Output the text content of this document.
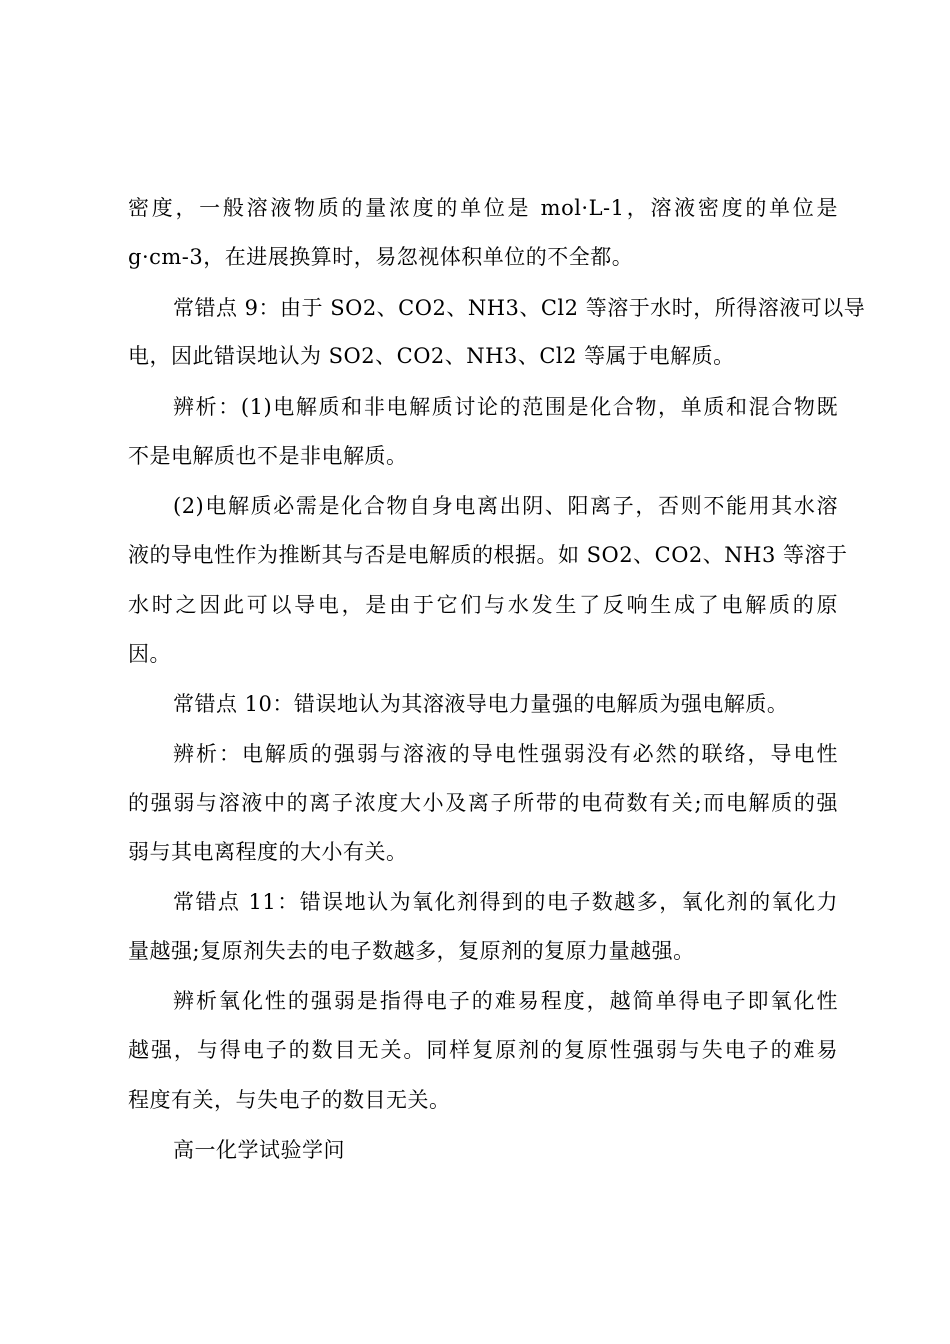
密度，一般溶液物质的量浓度的单位是 mol·L-1，溶液密度的单位是
g·cm-3，在进展换算时，易忽视体积单位的不全都。
常错点 9：由于 SO2、CO2、NH3、Cl2 等溶于水时，所得溶液可以导
电，因此错误地认为 SO2、CO2、NH3、Cl2 等属于电解质。
辨析：(1)电解质和非电解质讨论的范围是化合物，单质和混合物既
不是电解质也不是非电解质。
(2)电解质必需是化合物自身电离出阴、阳离子，否则不能用其水溶
液的导电性作为推断其与否是电解质的根据。如 SO2、CO2、NH3 等溶于
水时之因此可以导电，是由于它们与水发生了反响生成了电解质的原
因。
常错点 10：错误地认为其溶液导电力量强的电解质为强电解质。
辨析：电解质的强弱与溶液的导电性强弱没有必然的联络，导电性
的强弱与溶液中的离子浓度大小及离子所带的电荷数有关;而电解质的强
弱与其电离程度的大小有关。
常错点 11：错误地认为氧化剂得到的电子数越多，氧化剂的氧化力
量越强;复原剂失去的电子数越多，复原剂的复原力量越强。
辨析氧化性的强弱是指得电子的难易程度，越简单得电子即氧化性
越强，与得电子的数目无关。同样复原剂的复原性强弱与失电子的难易
程度有关，与失电子的数目无关。
高一化学试验学问
